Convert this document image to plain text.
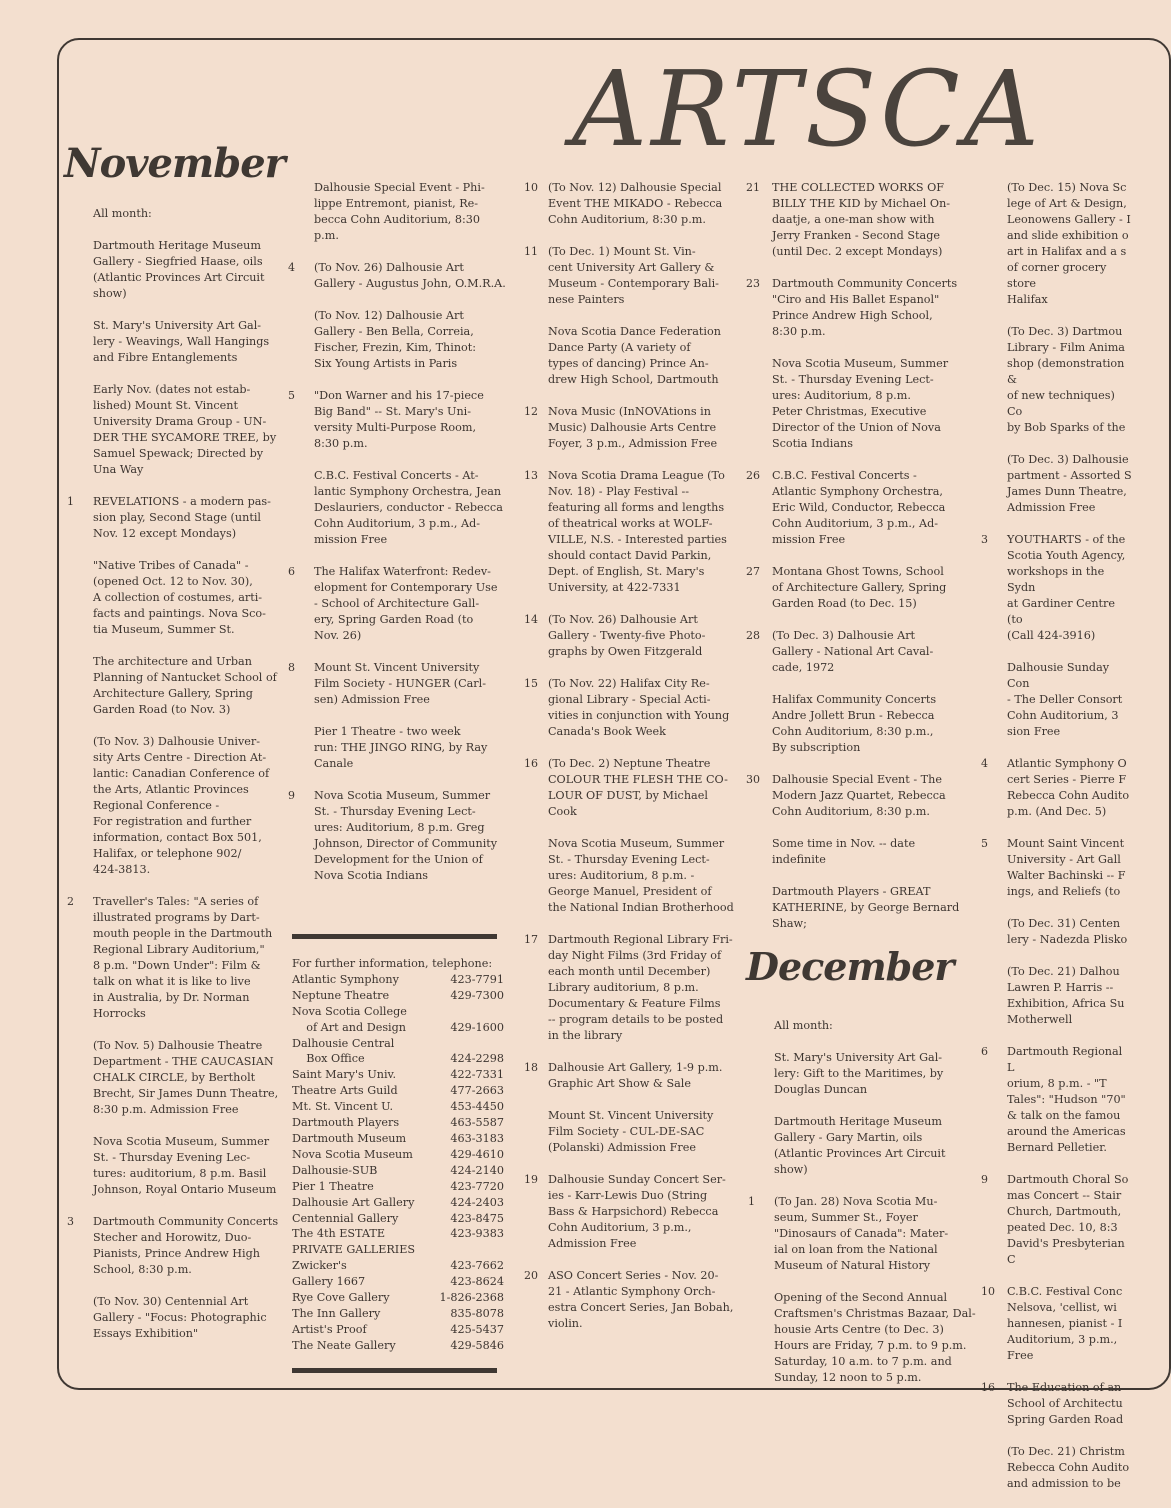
ARTSCA
November
December
All month:
Dartmouth Heritage Museum
Gallery - Siegfried Haase, oils
(Atlantic Provinces Art Circuit
show)
St. Mary's University Art Gal-
lery - Weavings, Wall Hangings
and Fibre Entanglements
Early Nov. (dates not estab-
lished) Mount St. Vincent
University Drama Group - UN-
DER THE SYCAMORE TREE, by
Samuel Spewack; Directed by
Una Way
1 REVELATIONS - a modern pas-
sion play, Second Stage (until
Nov. 12 except Mondays)
"Native Tribes of Canada" -
(opened Oct. 12 to Nov. 30),
A collection of costumes, arti-
facts and paintings. Nova Sco-
tia Museum, Summer St.
The architecture and Urban
Planning of Nantucket School of
Architecture Gallery, Spring
Garden Road (to Nov. 3)
(To Nov. 3) Dalhousie Univer-
sity Arts Centre - Direction At-
lantic: Canadian Conference of
the Arts, Atlantic Provinces
Regional Conference -
For registration and further
information, contact Box 501,
Halifax, or telephone 902/
424-3813.
2 Traveller's Tales: "A series of
illustrated programs by Dart-
mouth people in the Dartmouth
Regional Library Auditorium,"
8 p.m. "Down Under": Film &
talk on what it is like to live
in Australia, by Dr. Norman
Horrocks
(To Nov. 5) Dalhousie Theatre
Department - THE CAUCASIAN
CHALK CIRCLE, by Bertholt
Brecht, Sir James Dunn Theatre,
8:30 p.m. Admission Free
Nova Scotia Museum, Summer
St. - Thursday Evening Lec-
tures: auditorium, 8 p.m. Basil
Johnson, Royal Ontario Museum
3 Dartmouth Community Concerts
Stecher and Horowitz, Duo-
Pianists, Prince Andrew High
School, 8:30 p.m.
(To Nov. 30) Centennial Art
Gallery - "Focus: Photographic
Essays Exhibition"
Dalhousie Special Event - Phi-
lippe Entremont, pianist, Re-
becca Cohn Auditorium, 8:30
p.m.
4 (To Nov. 26) Dalhousie Art
Gallery - Augustus John, O.M.R.A.
(To Nov. 12) Dalhousie Art
Gallery - Ben Bella, Correia,
Fischer, Frezin, Kim, Thinot:
Six Young Artists in Paris
5 "Don Warner and his 17-piece
Big Band" -- St. Mary's Uni-
versity Multi-Purpose Room,
8:30 p.m.
C.B.C. Festival Concerts - At-
lantic Symphony Orchestra, Jean
Deslauriers, conductor - Rebecca
Cohn Auditorium, 3 p.m., Ad-
mission Free
6 The Halifax Waterfront: Redev-
elopment for Contemporary Use
- School of Architecture Gall-
ery, Spring Garden Road (to
Nov. 26)
8 Mount St. Vincent University
Film Society - HUNGER (Carl-
sen) Admission Free
Pier 1 Theatre - two week
run: THE JINGO RING, by Ray
Canale
9 Nova Scotia Museum, Summer
St. - Thursday Evening Lect-
ures: Auditorium, 8 p.m. Greg
Johnson, Director of Community
Development for the Union of
Nova Scotia Indians
10 (To Nov. 12) Dalhousie Special
Event THE MIKADO - Rebecca
Cohn Auditorium, 8:30 p.m.
11 (To Dec. 1) Mount St. Vin-
cent University Art Gallery &
Museum - Contemporary Bali-
nese Painters
Nova Scotia Dance Federation
Dance Party (A variety of
types of dancing) Prince An-
drew High School, Dartmouth
12 Nova Music (InNOVAtions in
Music) Dalhousie Arts Centre
Foyer, 3 p.m., Admission Free
13 Nova Scotia Drama League (To
Nov. 18) - Play Festival --
featuring all forms and lengths
of theatrical works at WOLF-
VILLE, N.S. - Interested parties
should contact David Parkin,
Dept. of English, St. Mary's
University, at 422-7331
14 (To Nov. 26) Dalhousie Art
Gallery - Twenty-five Photo-
graphs by Owen Fitzgerald
15 (To Nov. 22) Halifax City Re-
gional Library - Special Acti-
vities in conjunction with Young
Canada's Book Week
16 (To Dec. 2) Neptune Theatre
COLOUR THE FLESH THE CO-
LOUR OF DUST, by Michael
Cook
Nova Scotia Museum, Summer
St. - Thursday Evening Lect-
ures: Auditorium, 8 p.m. -
George Manuel, President of
the National Indian Brotherhood
17 Dartmouth Regional Library Fri-
day Night Films (3rd Friday of
each month until December)
Library auditorium, 8 p.m.
Documentary & Feature Films
-- program details to be posted
in the library
18 Dalhousie Art Gallery, 1-9 p.m.
Graphic Art Show & Sale
Mount St. Vincent University
Film Society - CUL-DE-SAC
(Polanski) Admission Free
19 Dalhousie Sunday Concert Ser-
ies - Karr-Lewis Duo (String
Bass & Harpsichord) Rebecca
Cohn Auditorium, 3 p.m.,
Admission Free
20 ASO Concert Series - Nov. 20-
21 - Atlantic Symphony Orch-
estra Concert Series, Jan Bobah,
violin.
21 THE COLLECTED WORKS OF
BILLY THE KID by Michael On-
daatje, a one-man show with
Jerry Franken - Second Stage
(until Dec. 2 except Mondays)
23 Dartmouth Community Concerts
"Ciro and His Ballet Espanol"
Prince Andrew High School,
8:30 p.m.
Nova Scotia Museum, Summer
St. - Thursday Evening Lect-
ures: Auditorium, 8 p.m.
Peter Christmas, Executive
Director of the Union of Nova
Scotia Indians
26 C.B.C. Festival Concerts -
Atlantic Symphony Orchestra,
Eric Wild, Conductor, Rebecca
Cohn Auditorium, 3 p.m., Ad-
mission Free
27 Montana Ghost Towns, School
of Architecture Gallery, Spring
Garden Road (to Dec. 15)
28 (To Dec. 3) Dalhousie Art
Gallery - National Art Caval-
cade, 1972
Halifax Community Concerts
Andre Jollett Brun - Rebecca
Cohn Auditorium, 8:30 p.m.,
By subscription
30 Dalhousie Special Event - The
Modern Jazz Quartet, Rebecca
Cohn Auditorium, 8:30 p.m.
Some time in Nov. -- date
indefinite
Dartmouth Players - GREAT
KATHERINE, by George Bernard
Shaw;
All month:
St. Mary's University Art Gal-
lery: Gift to the Maritimes, by
Douglas Duncan
Dartmouth Heritage Museum
Gallery - Gary Martin, oils
(Atlantic Provinces Art Circuit
show)
1 (To Jan. 28) Nova Scotia Mu-
seum, Summer St., Foyer
"Dinosaurs of Canada": Mater-
ial on loan from the National
Museum of Natural History
Opening of the Second Annual
Craftsmen's Christmas Bazaar, Dal-
housie Arts Centre (to Dec. 3)
Hours are Friday, 7 p.m. to 9 p.m.
Saturday, 10 a.m. to 7 p.m. and
Sunday, 12 noon to 5 p.m.
(To Dec. 15) Nova Sc
lege of Art & Design,
Leonowens Gallery - I
and slide exhibition o
art in Halifax and a s
of corner grocery store
Halifax
(To Dec. 3) Dartmou
Library - Film Anima
shop (demonstration &
of new techniques) Co
by Bob Sparks of the
(To Dec. 3) Dalhousie
partment - Assorted S
James Dunn Theatre,
Admission Free
3 YOUTHARTS - of the
Scotia Youth Agency,
workshops in the Sydn
at Gardiner Centre (to
(Call 424-3916)
Dalhousie Sunday Con
- The Deller Consort
Cohn Auditorium, 3
sion Free
4 Atlantic Symphony O
cert Series - Pierre F
Rebecca Cohn Audito
p.m. (And Dec. 5)
5 Mount Saint Vincent
University - Art Gall
Walter Bachinski -- F
ings, and Reliefs (to
(To Dec. 31) Centen
lery - Nadezda Plisko
(To Dec. 21) Dalhou
Lawren P. Harris --
Exhibition, Africa Su
Motherwell
6 Dartmouth Regional L
orium, 8 p.m. - "T
Tales": "Hudson "70"
& talk on the famou
around the Americas
Bernard Pelletier.
9 Dartmouth Choral So
mas Concert -- Stair
Church, Dartmouth,
peated Dec. 10, 8:3
David's Presbyterian C
10 C.B.C. Festival Conc
Nelsova, 'cellist, wi
hannesen, pianist - I
Auditorium, 3 p.m.,
Free
16 The Education of an
School of Architectu
Spring Garden Road
(To Dec. 21) Christm
Rebecca Cohn Audito
and admission to be
For further information, telephone:
Atlantic Symphony	423-7791
Neptune Theatre	429-7300
Nova Scotia College
of Art and Design	429-1600
Dalhousie Central
Box Office	424-2298
Saint Mary's Univ.	422-7331
Theatre Arts Guild	477-2663
Mt. St. Vincent U.	453-4450
Dartmouth Players	463-5587
Dartmouth Museum	463-3183
Nova Scotia Museum	429-4610
Dalhousie-SUB	424-2140
Pier 1 Theatre	423-7720
Dalhousie Art Gallery	424-2403
Centennial Gallery	423-8475
The 4th ESTATE	423-9383
PRIVATE GALLERIES
Zwicker's	423-7662
Gallery 1667	423-8624
Rye Cove Gallery	1-826-2368
The Inn Gallery	835-8078
Artist's Proof	425-5437
The Neate Gallery	429-5846
